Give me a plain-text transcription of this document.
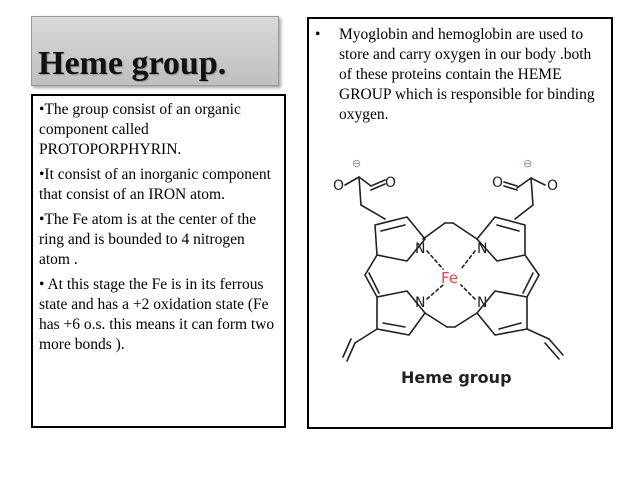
Heme group.

•The group consist of an organic component called PROTOPORPHYRIN.

•It consist of an inorganic component that consist of an IRON atom.

•The Fe atom is at the center of the ring and is bounded to 4 nitrogen atom .

• At this stage the Fe is in its ferrous state and has a +2 oxidation state (Fe has +6 o.s. this means it can form two more bonds ).

• Myoglobin and hemoglobin are used to store and carry oxygen in our body .both of these proteins contain the HEME GROUP which is responsible for binding oxygen.
⊖
O	O
⊖
O	O
N	N
N	N
Fe
Heme group
